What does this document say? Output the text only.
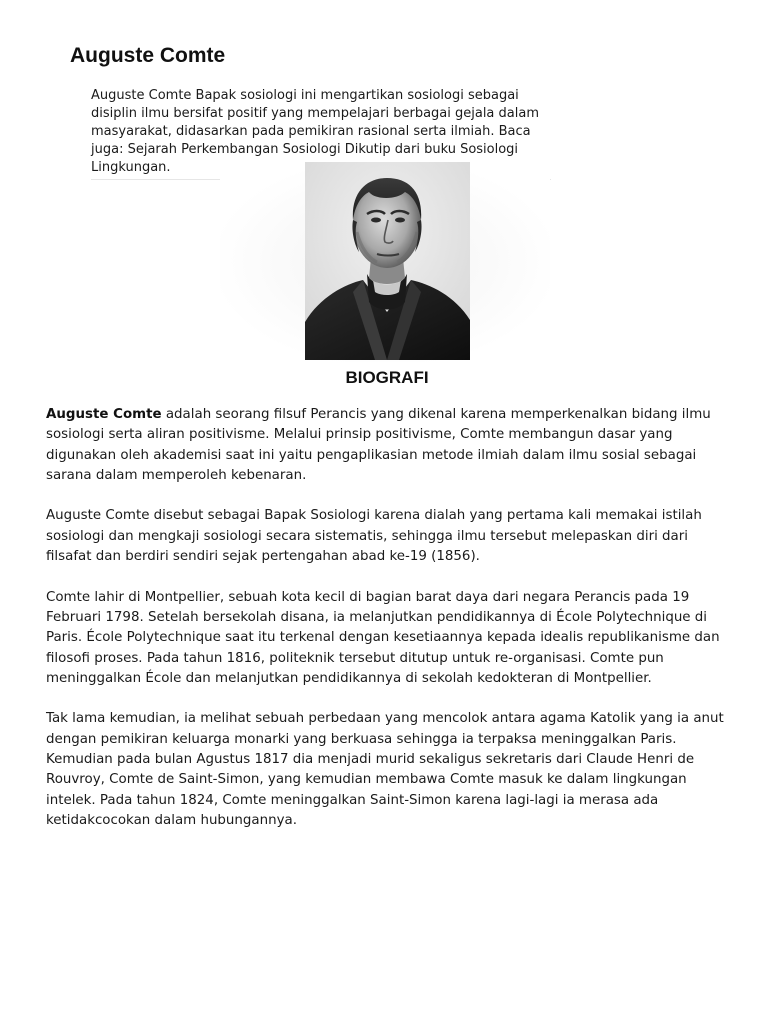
Auguste Comte

Auguste Comte Bapak sosiologi ini mengartikan sosiologi sebagai disiplin ilmu bersifat positif yang mempelajari berbagai gejala dalam masyarakat, didasarkan pada pemikiran rasional serta ilmiah. Baca juga: Sejarah Perkembangan Sosiologi Dikutip dari buku Sosiologi Lingkungan.

BIOGRAFI

Auguste Comte adalah seorang filsuf Perancis yang dikenal karena memperkenalkan bidang ilmu sosiologi serta aliran positivisme. Melalui prinsip positivisme, Comte membangun dasar yang digunakan oleh akademisi saat ini yaitu pengaplikasian metode ilmiah dalam ilmu sosial sebagai sarana dalam memperoleh kebenaran.

Auguste Comte disebut sebagai Bapak Sosiologi karena dialah yang pertama kali memakai istilah sosiologi dan mengkaji sosiologi secara sistematis, sehingga ilmu tersebut melepaskan diri dari filsafat dan berdiri sendiri sejak pertengahan abad ke-19 (1856).

Comte lahir di Montpellier, sebuah kota kecil di bagian barat daya dari negara Perancis pada 19 Februari 1798. Setelah bersekolah disana, ia melanjutkan pendidikannya di École Polytechnique di Paris. École Polytechnique saat itu terkenal dengan kesetiaannya kepada idealis republikanisme dan filosofi proses. Pada tahun 1816, politeknik tersebut ditutup untuk re-organisasi. Comte pun meninggalkan École dan melanjutkan pendidikannya di sekolah kedokteran di Montpellier.

Tak lama kemudian, ia melihat sebuah perbedaan yang mencolok antara agama Katolik yang ia anut dengan pemikiran keluarga monarki yang berkuasa sehingga ia terpaksa meninggalkan Paris. Kemudian pada bulan Agustus 1817 dia menjadi murid sekaligus sekretaris dari Claude Henri de Rouvroy, Comte de Saint-Simon, yang kemudian membawa Comte masuk ke dalam lingkungan intelek. Pada tahun 1824, Comte meninggalkan Saint-Simon karena lagi-lagi ia merasa ada ketidakcocokan dalam hubungannya.
